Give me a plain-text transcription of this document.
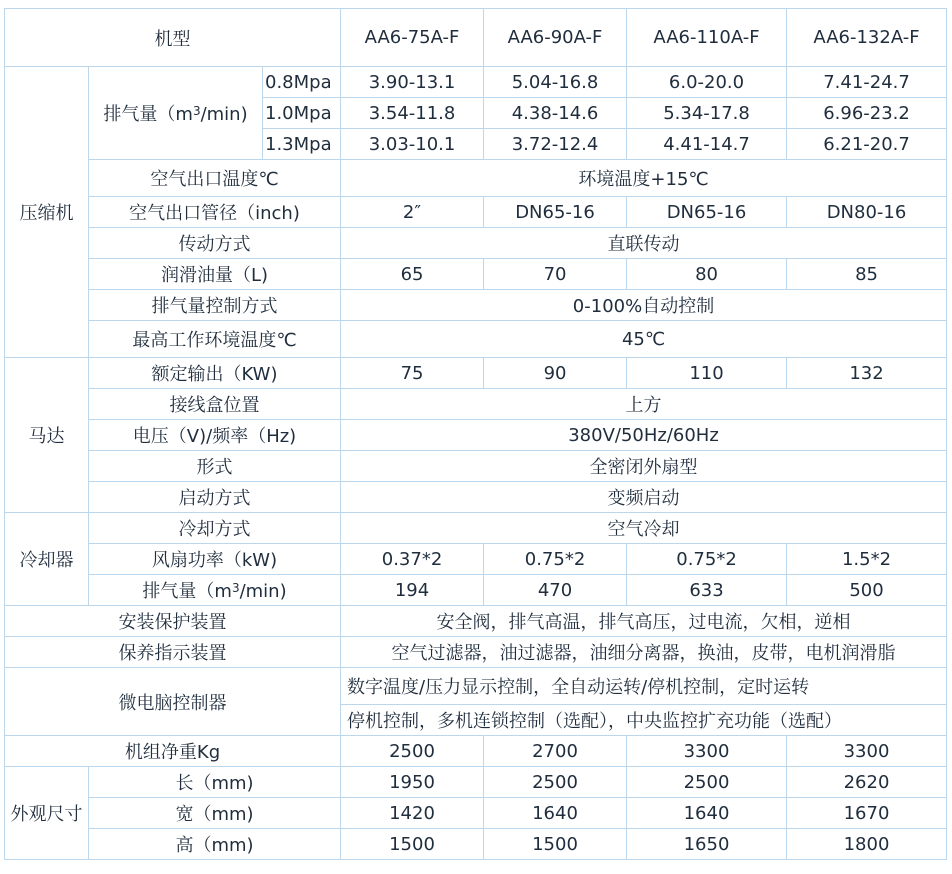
机型			AA6-75A-F	AA6-90A-F	AA6-110A-F	AA6-132A-F
压缩机	排气量$(m^3/\min)$	0.8Mpa	3.90-13.1	5.04-16.8	6.0-20.0	7.41-24.7
		1.0Mpa	3.54-11.8	4.38-14.6	5.34-17.8	6.96-23.2
		1.3Mpa	3.03-10.1	3.72-12.4	4.41-14.7	6.21-20.7
	空气出口温度℃		环境温度+15℃			
	空气出口管径（inch)		2″	DN65-16	DN65-16	DN80-16
	传动方式		直联传动			
	润滑油量（L)		65	70	80	85
	排气量控制方式		0-100%自动控制			
	最高工作环境温度℃		45℃			
马达	额定输出（KW)		75	90	110	132
	接线盒位置		上方			
	电压（V)/频率（Hz)		380V/50Hz/60Hz			
	形式		全密闭外扇型			
	启动方式		变频启动			
冷却器	冷却方式		空气冷却			
	风扇功率（kW)		0.37*2	0.75*2	0.75*2	1.5*2
	排气量$(m^3/\min)$		194	470	633	500
安装保护装置			安全阀，排气高温，排气高压，过电流，欠相，逆相			
保养指示装置			空气过滤器，油过滤器，油细分离器，换油，皮带，电机润滑脂			
微电脑控制器			数字温度/压力显示控制，全自动运转/停机控制，定时运转			
			停机控制，多机连锁控制（选配），中央监控扩充功能（选配）			
机组净重Kg			2500	2700	3300	3300
外观尺寸	长（mm)		1950	2500	2500	2620
	宽（mm)		1420	1640	1640	1670
	高（mm)		1500	1500	1650	1800
